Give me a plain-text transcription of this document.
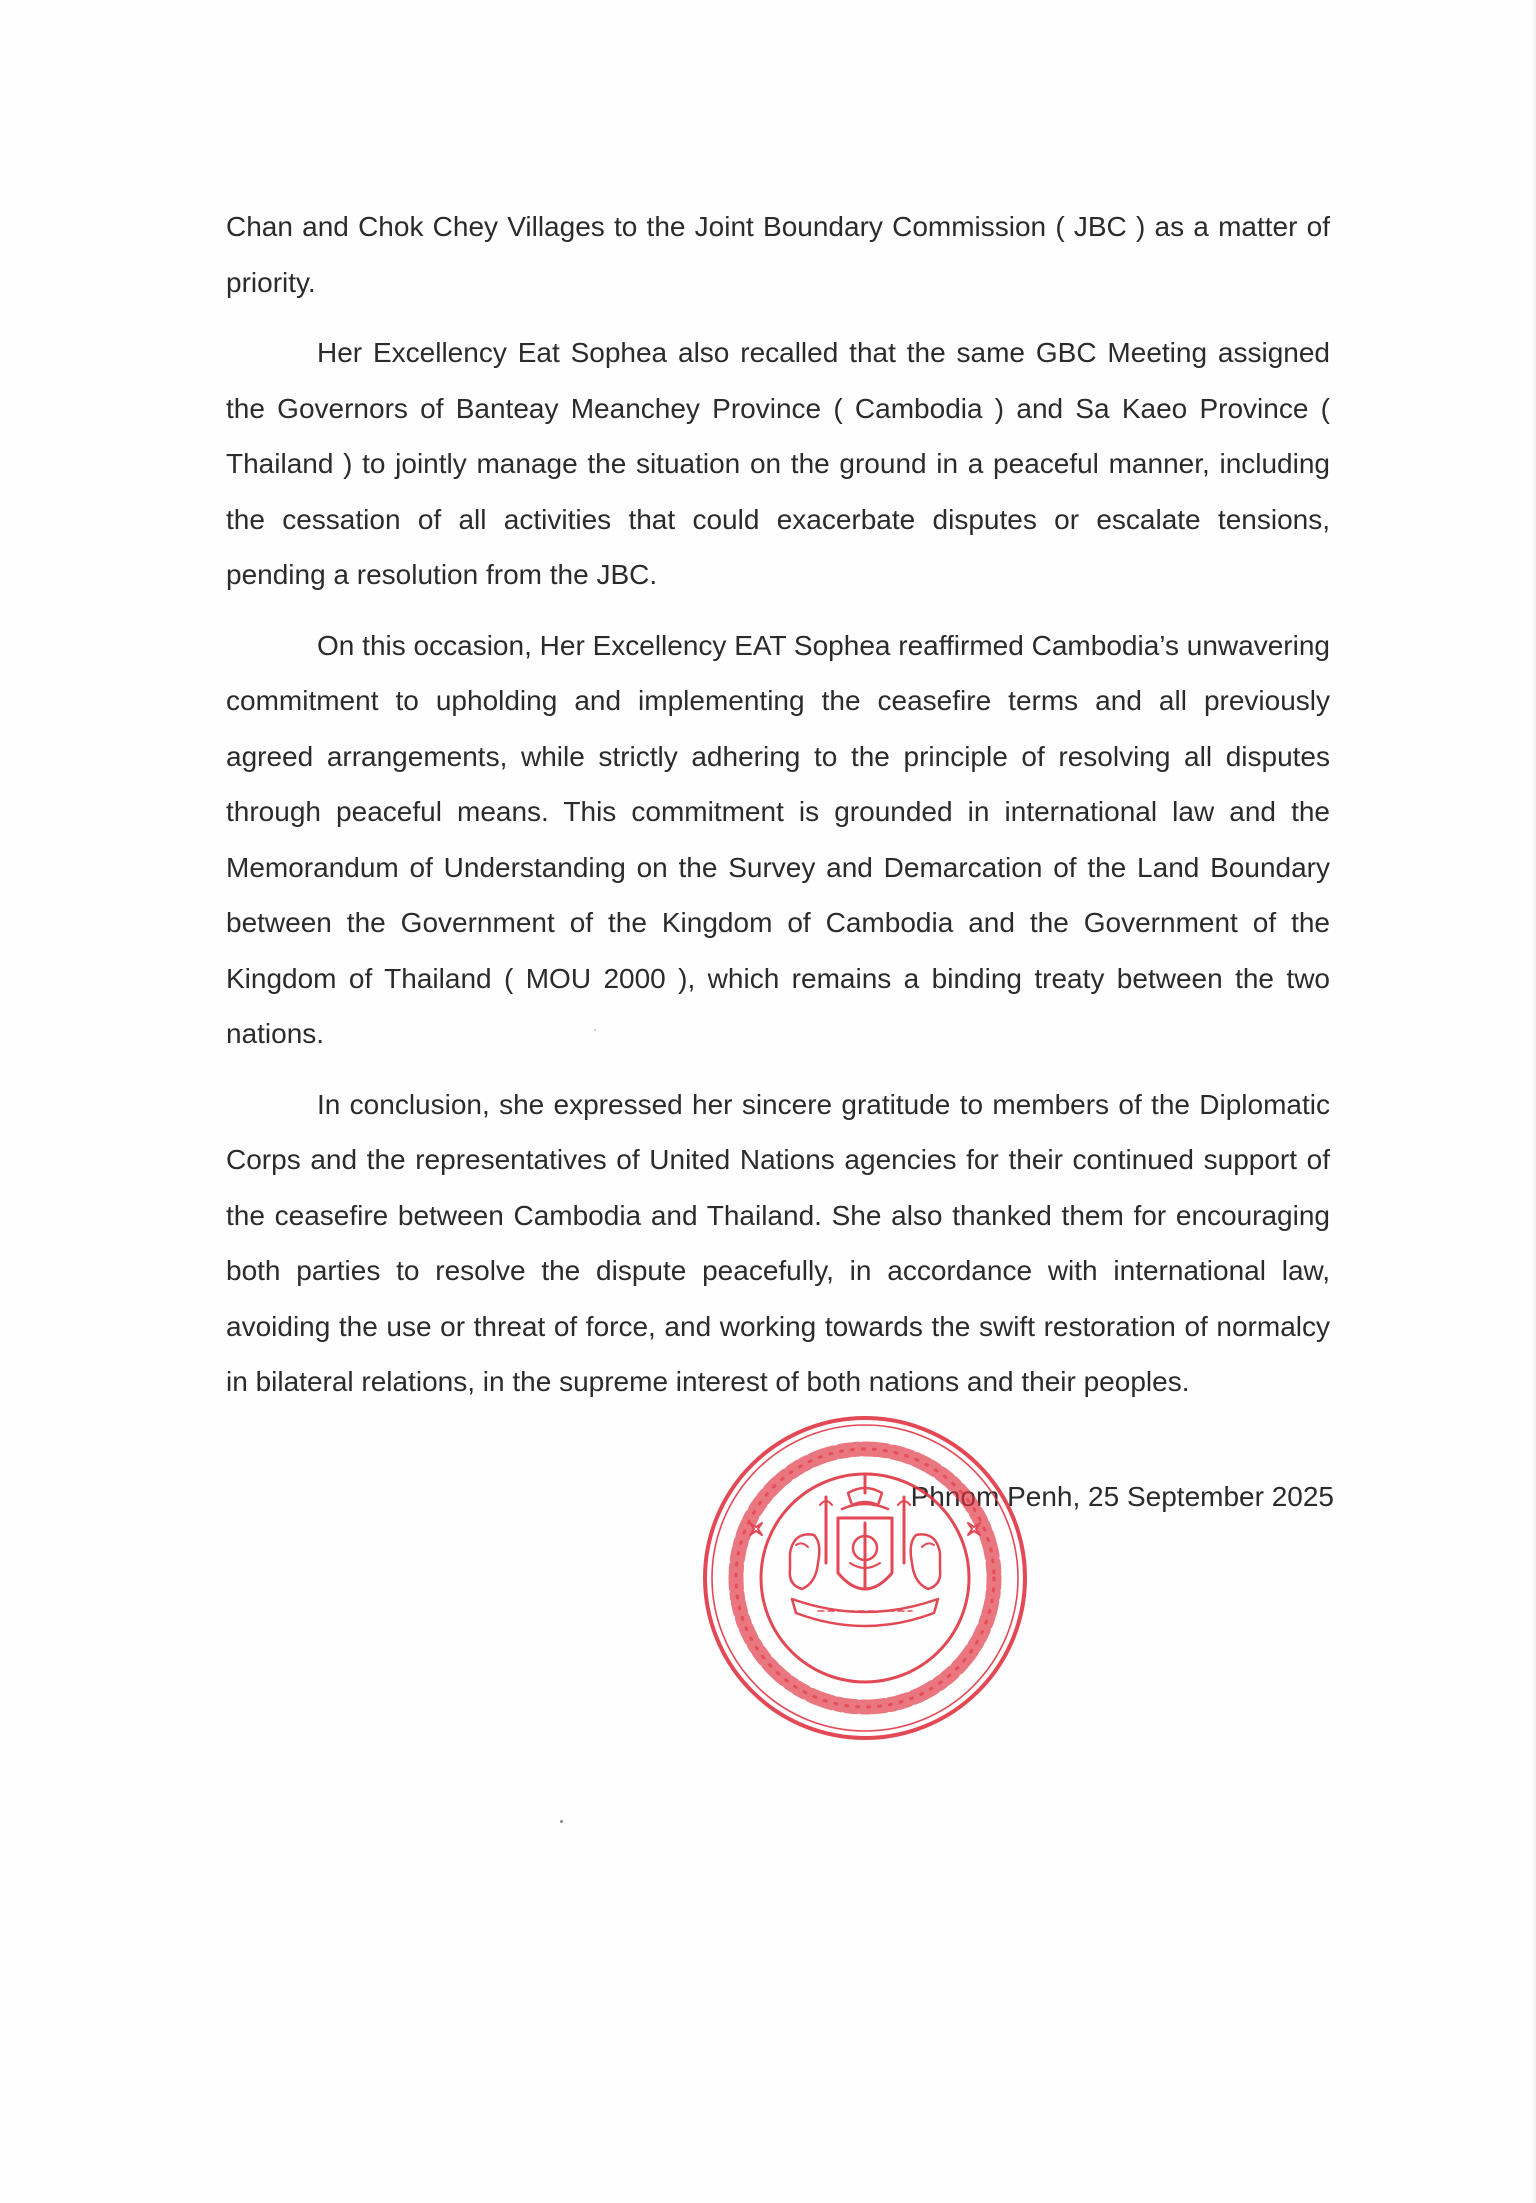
Chan and Chok Chey Villages to the Joint Boundary Commission ( JBC ) as a matter of priority.

Her Excellency Eat Sophea also recalled that the same GBC Meeting assigned the Governors of Banteay Meanchey Province ( Cambodia ) and Sa Kaeo Province ( Thailand ) to jointly manage the situation on the ground in a peaceful manner, including the cessation of all activities that could exacerbate disputes or escalate tensions, pending a resolution from the JBC.

On this occasion, Her Excellency EAT Sophea reaffirmed Cambodia’s unwavering commitment to upholding and implementing the ceasefire terms and all previously agreed arrangements, while strictly adhering to the principle of resolving all disputes through peaceful means. This commitment is grounded in international law and the Memorandum of Understanding on the Survey and Demarcation of the Land Boundary between the Government of the Kingdom of Cambodia and the Government of the Kingdom of Thailand ( MOU 2000 ), which remains a binding treaty between the two nations.

In conclusion, she expressed her sincere gratitude to members of the Diplomatic Corps and the representatives of United Nations agencies for their continued support of the ceasefire between Cambodia and Thailand. She also thanked them for encouraging both parties to resolve the dispute peacefully, in accordance with international law, avoiding the use or threat of force, and working towards the swift restoration of normalcy in bilateral relations, in the supreme interest of both nations and their peoples.

Phnom Penh, 25 September 2025
